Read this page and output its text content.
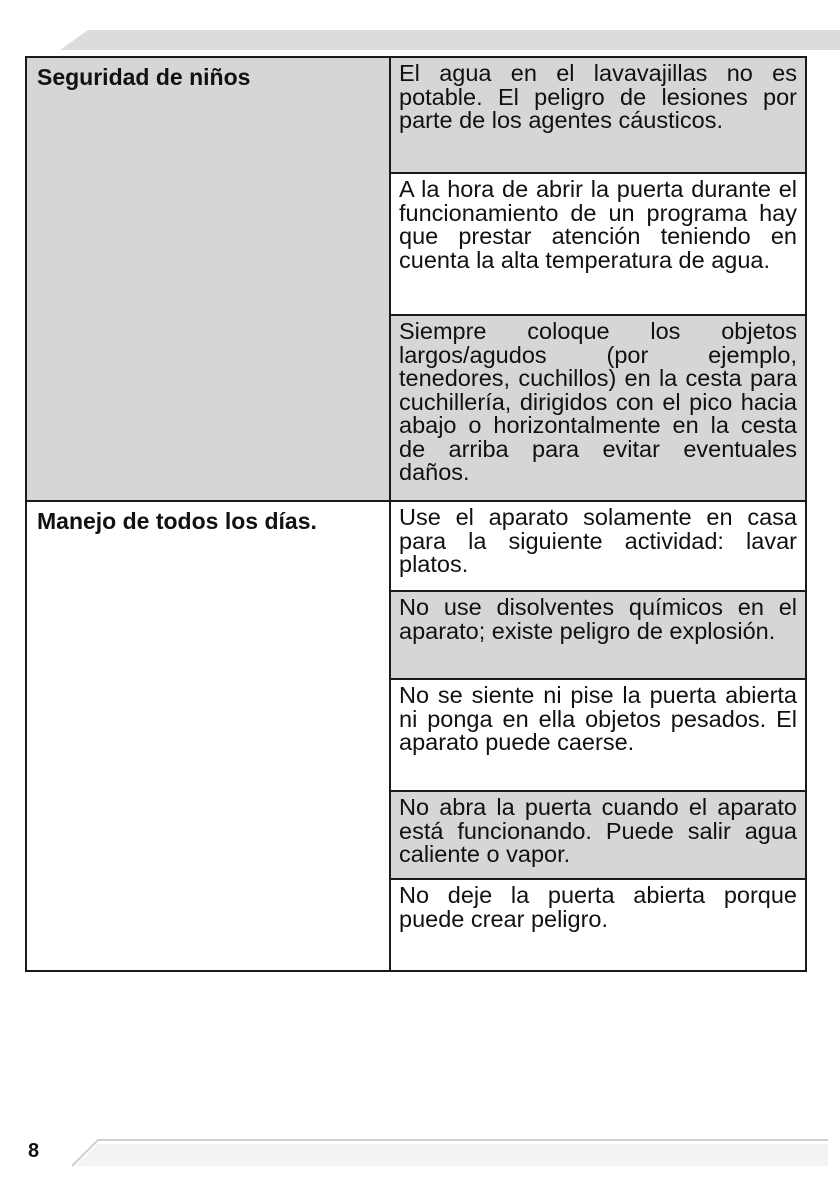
Seguridad de niños	El agua en el lavavajillas no es potable. El peligro de lesiones por parte de los agentes cáusticos.
A la hora de abrir la puerta durante el funcionamiento de un programa hay que prestar atención teniendo en cuenta la alta temperatura de agua.
Siempre coloque los objetos largos/agudos (por ejemplo, tenedores, cuchillos) en la cesta para cuchillería, dirigidos con el pico hacia abajo o horizontalmente en la cesta de arriba para evitar eventuales daños.
Manejo de todos los días.	Use el aparato solamente en casa para la siguiente actividad: lavar platos.
No use disolventes químicos en el aparato; existe peligro de explosión.
No se siente ni pise la puerta abierta ni ponga en ella objetos pesados. El aparato puede caerse.
No abra la puerta cuando el aparato está funcionando. Puede salir agua caliente o vapor.
No deje la puerta abierta porque puede crear peligro.
8
